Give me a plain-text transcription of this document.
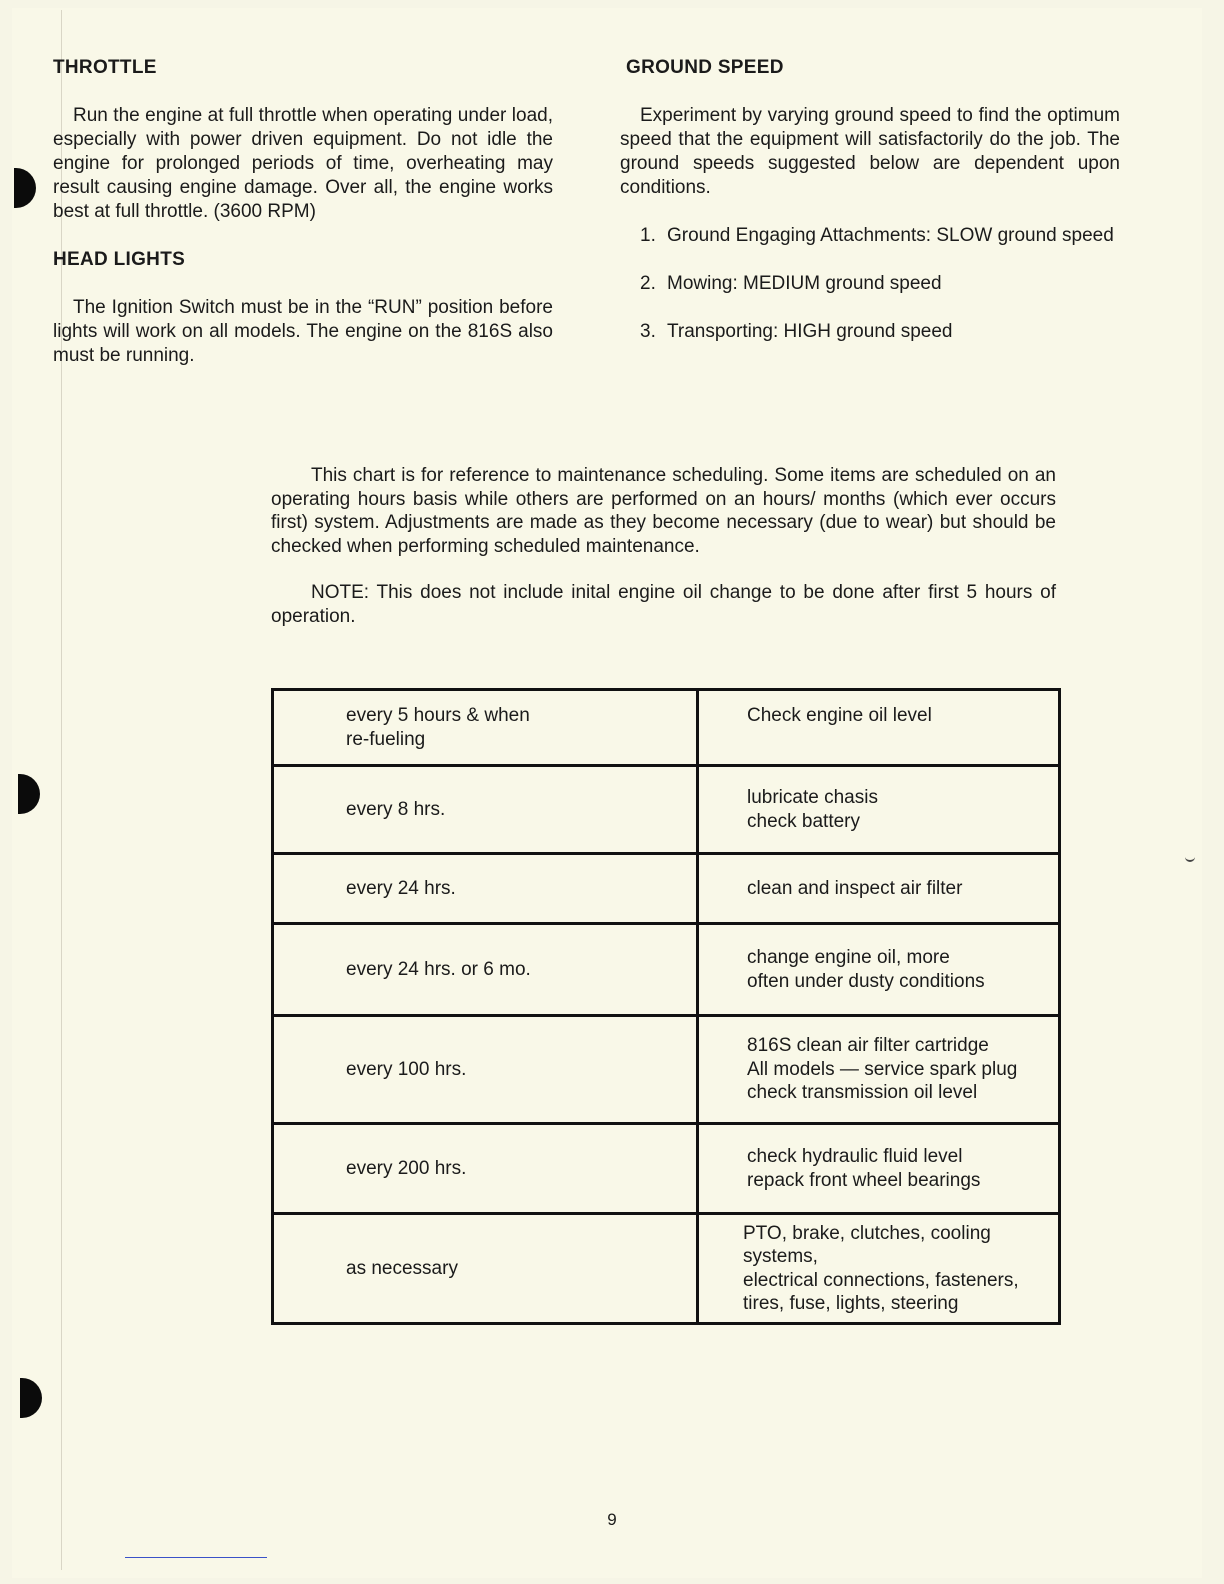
THROTTLE

Run the engine at full throttle when operating under load, especially with power driven equipment. Do not idle the engine for prolonged periods of time, overheating may result causing engine damage. Over all, the engine works best at full throttle. (3600 RPM)

HEAD LIGHTS

The Ignition Switch must be in the “RUN” position before lights will work on all models. The engine on the 816S also must be running.

GROUND SPEED

Experiment by varying ground speed to find the optimum speed that the equipment will satisfactorily do the job. The ground speeds suggested below are dependent upon conditions.

1. Ground Engaging Attachments: SLOW ground speed
2. Mowing: MEDIUM ground speed
3. Transporting: HIGH ground speed

This chart is for reference to maintenance scheduling. Some items are scheduled on an operating hours basis while others are performed on an hours/ months (which ever occurs first) system. Adjustments are made as they become necessary (due to wear) but should be checked when performing scheduled maintenance.

NOTE: This does not include inital engine oil change to be done after first 5 hours of operation.

every 5 hours & when
re-fueling	Check engine oil level

every 8 hrs.	lubricate chasis
check battery

every 24 hrs.	clean and inspect air filter

every 24 hrs. or 6 mo.	change engine oil, more
often under dusty conditions

every 100 hrs.	816S clean air filter cartridge
All models — service spark plug
check transmission oil level

every 200 hrs.	check hydraulic fluid level
repack front wheel bearings

as necessary	PTO, brake, clutches, cooling systems,
electrical connections, fasteners,
tires, fuse, lights, steering
9
